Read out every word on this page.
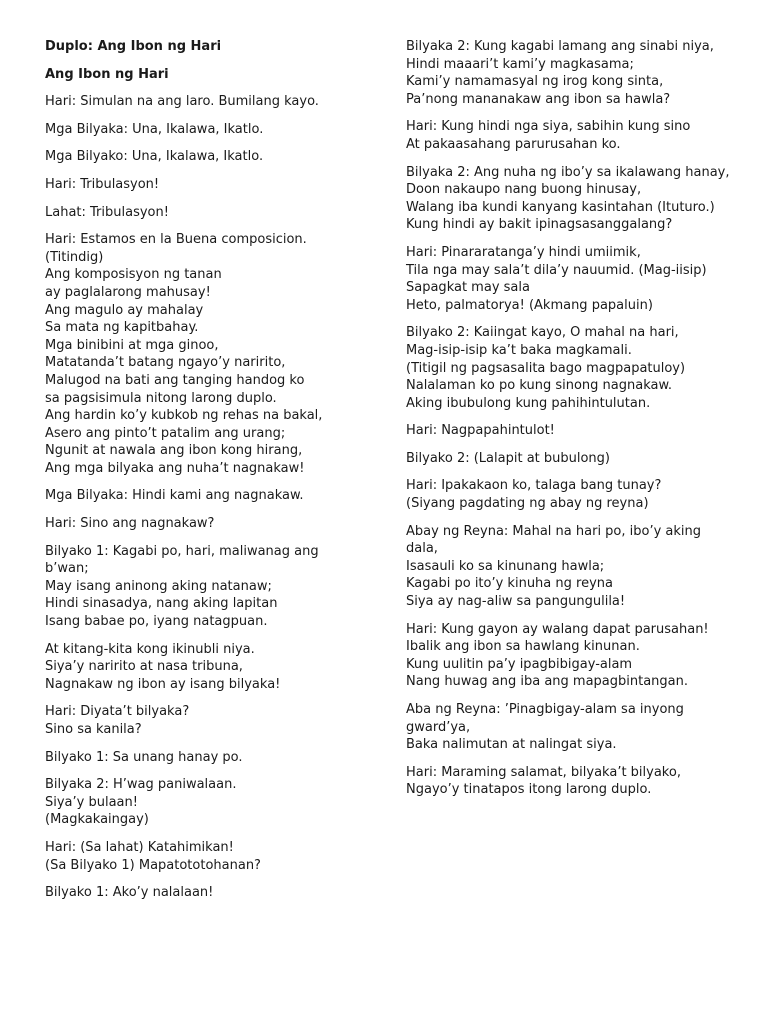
Duplo: Ang Ibon ng Hari
Ang Ibon ng Hari
Hari: Simulan na ang laro. Bumilang kayo.
Mga Bilyaka: Una, Ikalawa, Ikatlo.
Mga Bilyako: Una, Ikalawa, Ikatlo.
Hari: Tribulasyon!
Lahat: Tribulasyon!
Hari: Estamos en la Buena composicion. (Titindig)
Ang komposisyon ng tanan
ay paglalarong mahusay!
Ang magulo ay mahalay
Sa mata ng kapitbahay.
Mga binibini at mga ginoo,
Matatanda’t batang ngayo’y naririto,
Malugod na bati ang tanging handog ko
sa pagsisimula nitong larong duplo.
Ang hardin ko’y kubkob ng rehas na bakal,
Asero ang pinto’t patalim ang urang;
Ngunit at nawala ang ibon kong hirang,
Ang mga bilyaka ang nuha’t nagnakaw!
Mga Bilyaka: Hindi kami ang nagnakaw.
Hari: Sino ang nagnakaw?
Bilyako 1: Kagabi po, hari, maliwanag ang b’wan;
May isang aninong aking natanaw;
Hindi sinasadya, nang aking lapitan
Isang babae po, iyang natagpuan.
At kitang-kita kong ikinubli niya.
Siya’y naririto at nasa tribuna,
Nagnakaw ng ibon ay isang bilyaka!
Hari: Diyata’t bilyaka?
Sino sa kanila?
Bilyako 1: Sa unang hanay po.
Bilyaka 2: H’wag paniwalaan.
Siya’y bulaan!
(Magkakaingay)
Hari: (Sa lahat) Katahimikan!
(Sa Bilyako 1) Mapatototohanan?
Bilyako 1: Ako’y nalalaan!
Bilyaka 2: Kung kagabi lamang ang sinabi niya,
Hindi maaari’t kami’y magkasama;
Kami’y namamasyal ng irog kong sinta,
Pa’nong mananakaw ang ibon sa hawla?
Hari: Kung hindi nga siya, sabihin kung sino
At pakaasahang parurusahan ko.
Bilyaka 2: Ang nuha ng ibo’y sa ikalawang hanay,
Doon nakaupo nang buong hinusay,
Walang iba kundi kanyang kasintahan (Ituturo.)
Kung hindi ay bakit ipinagsasanggalang?
Hari: Pinararatanga’y hindi umiimik,
Tila nga may sala’t dila’y nauumid. (Mag-iisip)
Sapagkat may sala
Heto, palmatorya! (Akmang papaluin)
Bilyako 2: Kaiingat kayo, O mahal na hari,
Mag-isip-isip ka’t baka magkamali.
(Titigil ng pagsasalita bago magpapatuloy)
Nalalaman ko po kung sinong nagnakaw.
Aking ibubulong kung pahihintulutan.
Hari: Nagpapahintulot!
Bilyako 2: (Lalapit at bubulong)
Hari: Ipakakaon ko, talaga bang tunay?
(Siyang pagdating ng abay ng reyna)
Abay ng Reyna: Mahal na hari po, ibo’y aking dala,
Isasauli ko sa kinunang hawla;
Kagabi po ito’y kinuha ng reyna
Siya ay nag-aliw sa pangungulila!
Hari: Kung gayon ay walang dapat parusahan!
Ibalik ang ibon sa hawlang kinunan.
Kung uulitin pa’y ipagbibigay-alam
Nang huwag ang iba ang mapagbintangan.
Aba ng Reyna: ’Pinagbigay-alam sa inyong gward’ya,
Baka nalimutan at nalingat siya.
Hari: Maraming salamat, bilyaka’t bilyako,
Ngayo’y tinatapos itong larong duplo.
